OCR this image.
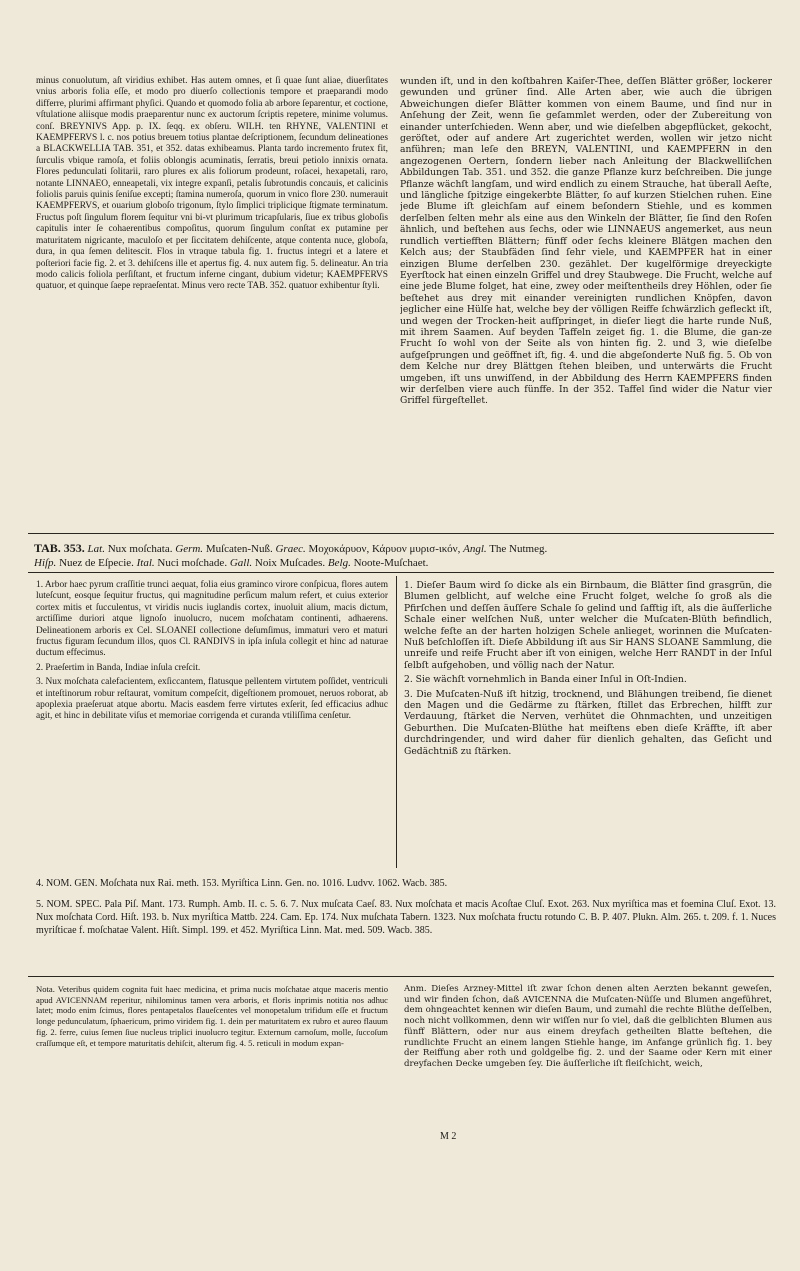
minus conuolutum, aſt viridius exhibet. Has autem omnes, et ſi quae ſunt aliae, diuerſitates vnius arboris folia eſſe, et modo pro diuerſo collectionis tempore et praeparandi modo differre, plurimi affirmant phyſici. Quando et quomodo folia ab arbore ſeparentur, et coctione, vſtulatione aliisque modis praeparentur nunc ex auctorum ſcriptis repetere, minime volumus. conſ. BREYNIVS App. p. IX. ſeqq. ex obſeru. WILH. ten RHYNE, VALENTINI et KAEMPFERVS l. c. nos potius breuem totius plantae deſcriptionem, ſecundum delineationes a BLACKWELLIA TAB. 351, et 352. datas exhibeamus. Planta tardo incremento frutex fit, ſurculis vbique ramoſa, et foliis oblongis acuminatis, ſerratis, breui petiolo innixis ornata. Flores pedunculati ſolitarii, raro plures ex alis foliorum prodeunt, roſacei, hexapetali, raro, notante LINNAEO, enneapetali, vix integre expanſi, petalis ſubrotundis concauis, et calicinis foliolis paruis quinis ſeniſue excepti; ſtamina numeroſa, quorum in vnico flore 230. numerauit KAEMPFERVS, et ouarium globoſo trigonum, ſtylo ſimplici triplicique ſtigmate terminatum. Fructus poſt ſingulum florem ſequitur vni bi-vt plurimum tricapſularis, ſiue ex tribus globoſis capitulis inter ſe cohaerentibus compoſitus, quorum ſingulum conſtat ex putamine per maturitatem nigricante, maculoſo et per ſiccitatem dehiſcente, atque contenta nuce, globoſa, dura, in qua ſemen delitescit. Flos in vtraque tabula fig. 1. fructus integri et a latere et poſteriori facie fig. 2. et 3. dehiſcens ille et apertus fig. 4. nux autem fig. 5. delineatur. An tria modo calicis foliola perſiſtant, et fructum inferne cingant, dubium videtur; KAEMPFERVS quatuor, et quinque ſaepe repraeſentat. Minus vero recte TAB. 352. quatuor exhibentur ſtyli.
wunden iſt, und in den koſtbahren Kaiſer-Thee, deſſen Blätter größer, lockerer gewunden und grüner ſind. Alle Arten aber, wie auch die übrigen Abweichungen dieſer Blätter kommen von einem Baume, und ſind nur in Anſehung der Zeit, wenn ſie geſammlet werden, oder der Zubereitung von einander unterſchieden. Wenn aber, und wie dieſelben abgepflücket, gekocht, geröſtet, oder auf andere Art zugerichtet werden, wollen wir jetzo nicht anführen; man leſe den BREYN, VALENTINI, und KAEMPFERN in den angezogenen Oertern, ſondern lieber nach Anleitung der Blackwelliſchen Abbildungen Tab. 351. und 352. die ganze Pflanze kurz beſchreiben. Die junge Pflanze wächſt langſam, und wird endlich zu einem Strauche, hat überall Aeſte, und längliche ſpitzige eingekerbte Blätter, ſo auf kurzen Stielchen ruhen. Eine jede Blume iſt gleichſam auf einem beſondern Stiehle, und es kommen derſelben ſelten mehr als eine aus den Winkeln der Blätter, ſie ſind den Roſen ähnlich, und beſtehen aus ſechs, oder wie LINNAEUS angemerket, aus neun rundlich vertiefften Blättern; fünff oder ſechs kleinere Blätgen machen den Kelch aus; der Staubfäden ſind ſehr viele, und KAEMPFER hat in einer einzigen Blume derſelben 230. gezählet. Der kugelförmige dreyeckigte Eyerſtock hat einen einzeln Griffel und drey Staubwege. Die Frucht, welche auf eine jede Blume folget, hat eine, zwey oder meiſtentheils drey Höhlen, oder ſie beſtehet aus drey mit einander vereinigten rundlichen Knöpfen, davon jeglicher eine Hülſe hat, welche bey der völligen Reiffe ſchwärzlich gefleckt iſt, und wegen der Trocken-heit aufſpringet, in dieſer liegt die harte runde Nuß, mit ihrem Saamen. Auf beyden Taffeln zeiget fig. 1. die Blume, die gan-ze Frucht ſo wohl von der Seite als von hinten fig. 2. und 3, wie dieſelbe aufgeſprungen und geöffnet iſt, fig. 4. und die abgeſonderte Nuß fig. 5. Ob von dem Kelche nur drey Blättgen ſtehen bleiben, und unterwärts die Frucht umgeben, iſt uns unwiſſend, in der Abbildung des Herrn KAEMPFERS finden wir derſelben viere auch fünffe. In der 352. Taffel ſind wider die Natur vier Griffel fürgeſtellet.
TAB. 353. Lat. Nux moſchata. Germ. Muſcaten-Nuß. Graec. Μοχοκάρυον, Κάρυον μυρισ-ικόν, Angl. The Nutmeg.
Hiſp. Nuez de Eſpecie. Ital. Nuci moſchade. Gall. Noix Muſcades. Belg. Noote-Muſchaet.

1. Arbor haec pyrum craſſitie trunci aequat, folia eius graminco virore conſpicua, flores autem luteſcunt, eosque ſequitur fructus, qui magnitudine perſicum malum refert, et cuius exterior cortex mitis et ſucculentus, vt viridis nucis iuglandis cortex, inuoluit alium, macis dictum, arctiſſime duriori atque lignoſo inuolucro, nucem moſchatam continenti, adhaerens. Delineationem arboris ex Cel. SLOANEI collectione deſumſimus, immaturi vero et maturi fructus figuram ſecundum illos, quos Cl. RANDIVS in ipſa inſula collegit et hinc ad naturae ductum effecimus.

2. Praeſertim in Banda, Indiae inſula creſcit.

3. Nux moſchata calefacientem, exſiccantem, flatusque pellentem virtutem poſſidet, ventriculi et inteſtinorum robur reſtaurat, vomitum compeſcit, digeſtionem promouet, neruos roborat, ab apoplexia praeſeruat atque abortu. Macis easdem ferre virtutes exſerit, ſed efficacius adhuc agit, et hinc in debilitate viſus et memoriae corrigenda et curanda vtiliſſima cenſetur.

1. Dieſer Baum wird ſo dicke als ein Birnbaum, die Blätter ſind grasgrün, die Blumen gelblicht, auf welche eine Frucht folget, welche ſo groß als die Pfirſchen und deſſen äuſſere Schale ſo gelind und ſafftig iſt, als die äuſſerliche Schale einer welſchen Nuß, unter welcher die Muſcaten-Blüth befindlich, welche feſte an der harten holzigen Schele anlieget, worinnen die Muſcaten-Nuß beſchloſſen iſt. Dieſe Abbildung iſt aus Sir HANS SLOANE Sammlung, die unreife und reife Frucht aber iſt von einigen, welche Herr RANDT in der Inſul ſelbſt aufgehoben, und völlig nach der Natur.

2. Sie wächſt vornehmlich in Banda einer Inſul in Oſt-Indien.

3. Die Muſcaten-Nuß iſt hitzig, trocknend, und Blähungen treibend, ſie dienet den Magen und die Gedärme zu ſtärken, ſtillet das Erbrechen, hilfft zur Verdauung, ſtärket die Nerven, verhütet die Ohnmachten, und unzeitigen Geburthen. Die Muſcaten-Blüthe hat meiſtens eben dieſe Kräffte, iſt aber durchdringender, und wird daher für dienlich gehalten, das Geſicht und Gedächtniß zu ſtärken.

4. NOM. GEN. Moſchata nux Rai. meth. 153. Myriſtica Linn. Gen. no. 1016. Ludvv. 1062. Wacb. 385.
5. NOM. SPEC. Pala Piſ. Mant. 173. Rumph. Amb. II. c. 5. 6. 7. Nux muſcata Caeſ. 83. Nux moſchata et macis Acoſtae Cluſ. Exot. 263. Nux myriſtica mas et foemina Cluſ. Exot. 13. Nux moſchata Cord. Hiſt. 193. b. Nux myriſtica Mattb. 224. Cam. Ep. 174. Nux muſchata Tabern. 1323. Nux moſchata fructu rotundo C. B. P. 407. Plukn. Alm. 265. t. 209. f. 1. Nuces myriſticae f. moſchatae Valent. Hiſt. Simpl. 199. et 452. Myriſtica Linn. Mat. med. 509. Wacb. 385.
Nota. Veteribus quidem cognita fuit haec medicina, et prima nucis moſchatae atque maceris mentio apud AVICENNAM reperitur, nihilominus tamen vera arboris, et floris inprimis notitia nos adhuc latet; modo enim ſcimus, flores pentapetalos flaueſcentes vel monopetalum trifidum eſſe et fructum longe pedunculatum, ſphaericum, primo viridem fig. 1. dein per maturitatem ex rubro et aureo flauum fig. 2. ferre, cuius ſemen ſiue nucleus triplici inuolucro tegitur. Externum carnoſum, molle, ſuccoſum craſſumque eſt, et tempore maturitatis dehiſcit, alterum fig. 4. 5. reticuli in modum expan-
Anm. Dieſes Arzney-Mittel iſt zwar ſchon denen alten Aerzten bekannt geweſen, und wir finden ſchon, daß AVICENNA die Muſcaten-Nüſſe und Blumen angeführet, dem ohngeachtet kennen wir dieſen Baum, und zumahl die rechte Blüthe deſſelben, noch nicht vollkommen, denn wir wiſſen nur ſo viel, daß die gelblichten Blumen aus fünff Blättern, oder nur aus einem dreyfach getheilten Blatte beſtehen, die rundlichte Frucht an einem langen Stiehle hange, im Anfange grünlich fig. 1. bey der Reiffung aber roth und goldgelbe fig. 2. und der Saame oder Kern mit einer dreyfachen Decke umgeben ſey. Die äuſſerliche iſt fleiſchicht, weich,
M 2
